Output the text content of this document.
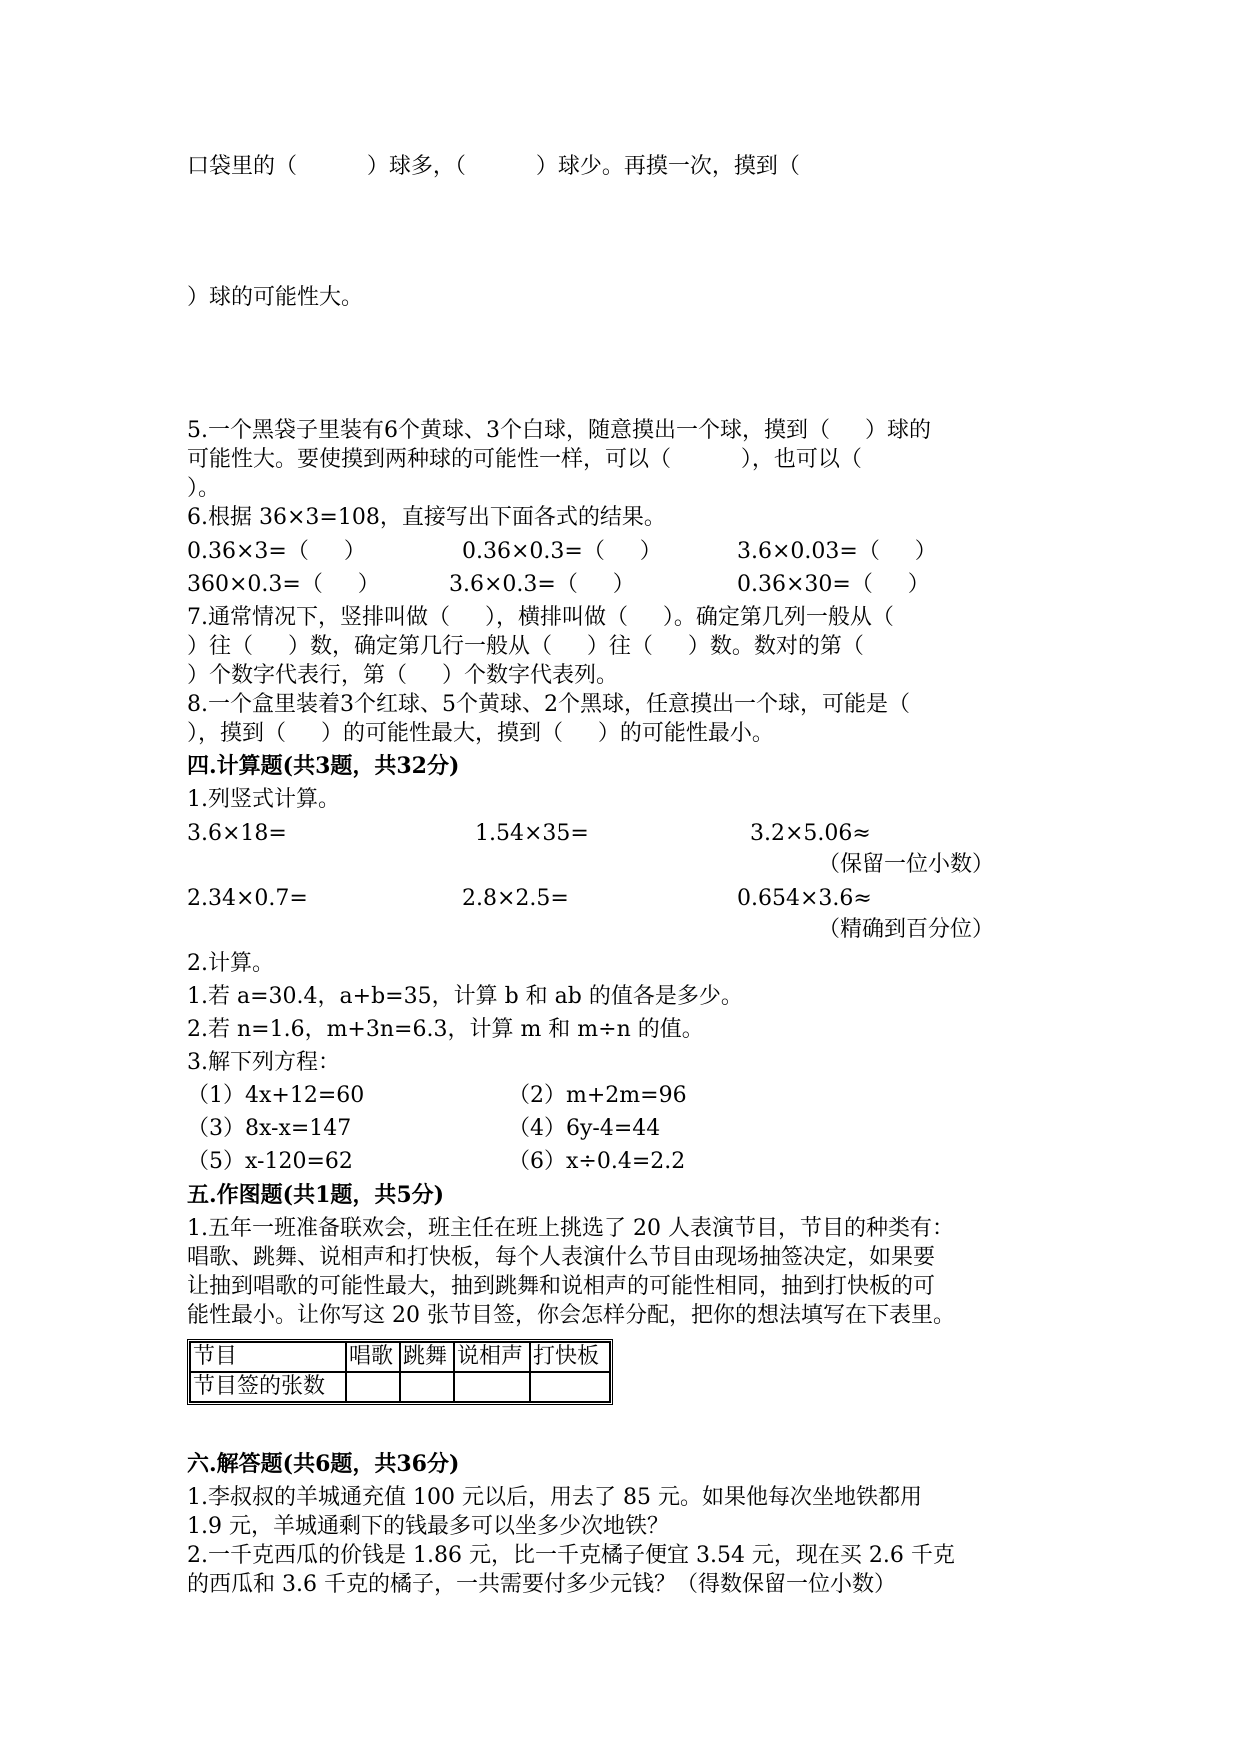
口袋里的（          ）球多，（          ）球少。再摸一次，摸到（
）球的可能性大。
5.一个黑袋子里装有6个黄球、3个白球，随意摸出一个球，摸到（     ）球的
可能性大。要使摸到两种球的可能性一样，可以（          ），也可以（
）。
6.根据 36×3=108，直接写出下面各式的结果。
0.36×3=（     ）	0.36×0.3=（     ）	3.6×0.03=（     ）
360×0.3=（     ）	3.6×0.3=（     ）	0.36×30=（     ）
7.通常情况下，竖排叫做（     ），横排叫做（     ）。确定第几列一般从（
）往（     ）数，确定第几行一般从（     ）往（     ）数。数对的第（
）个数字代表行，第（     ）个数字代表列。
8.一个盒里装着3个红球、5个黄球、2个黑球，任意摸出一个球，可能是（
），摸到（     ）的可能性最大，摸到（     ）的可能性最小。
四.计算题(共3题，共32分)
1.列竖式计算。
3.6×18=	1.54×35=	3.2×5.06≈
（保留一位小数）
2.34×0.7=	2.8×2.5=	0.654×3.6≈
（精确到百分位）
2.计算。
1.若 a=30.4，a+b=35，计算 b 和 ab 的值各是多少。
2.若 n=1.6，m+3n=6.3，计算 m 和 m÷n 的值。
3.解下列方程：
（1）4x+12=60	（2）m+2m=96
（3）8x-x=147	（4）6y-4=44
（5）x-120=62	（6）x÷0.4=2.2
五.作图题(共1题，共5分)
1.五年一班准备联欢会，班主任在班上挑选了 20 人表演节目，节目的种类有：
唱歌、跳舞、说相声和打快板，每个人表演什么节目由现场抽签决定，如果要
让抽到唱歌的可能性最大，抽到跳舞和说相声的可能性相同，抽到打快板的可
能性最小。让你写这 20 张节目签，你会怎样分配，把你的想法填写在下表里。
节目	唱歌	跳舞	说相声	打快板
节目签的张数				
六.解答题(共6题，共36分)
1.李叔叔的羊城通充值 100 元以后，用去了 85 元。如果他每次坐地铁都用
1.9 元，羊城通剩下的钱最多可以坐多少次地铁？
2.一千克西瓜的价钱是 1.86 元，比一千克橘子便宜 3.54 元，现在买 2.6 千克
的西瓜和 3.6 千克的橘子，一共需要付多少元钱？（得数保留一位小数）
